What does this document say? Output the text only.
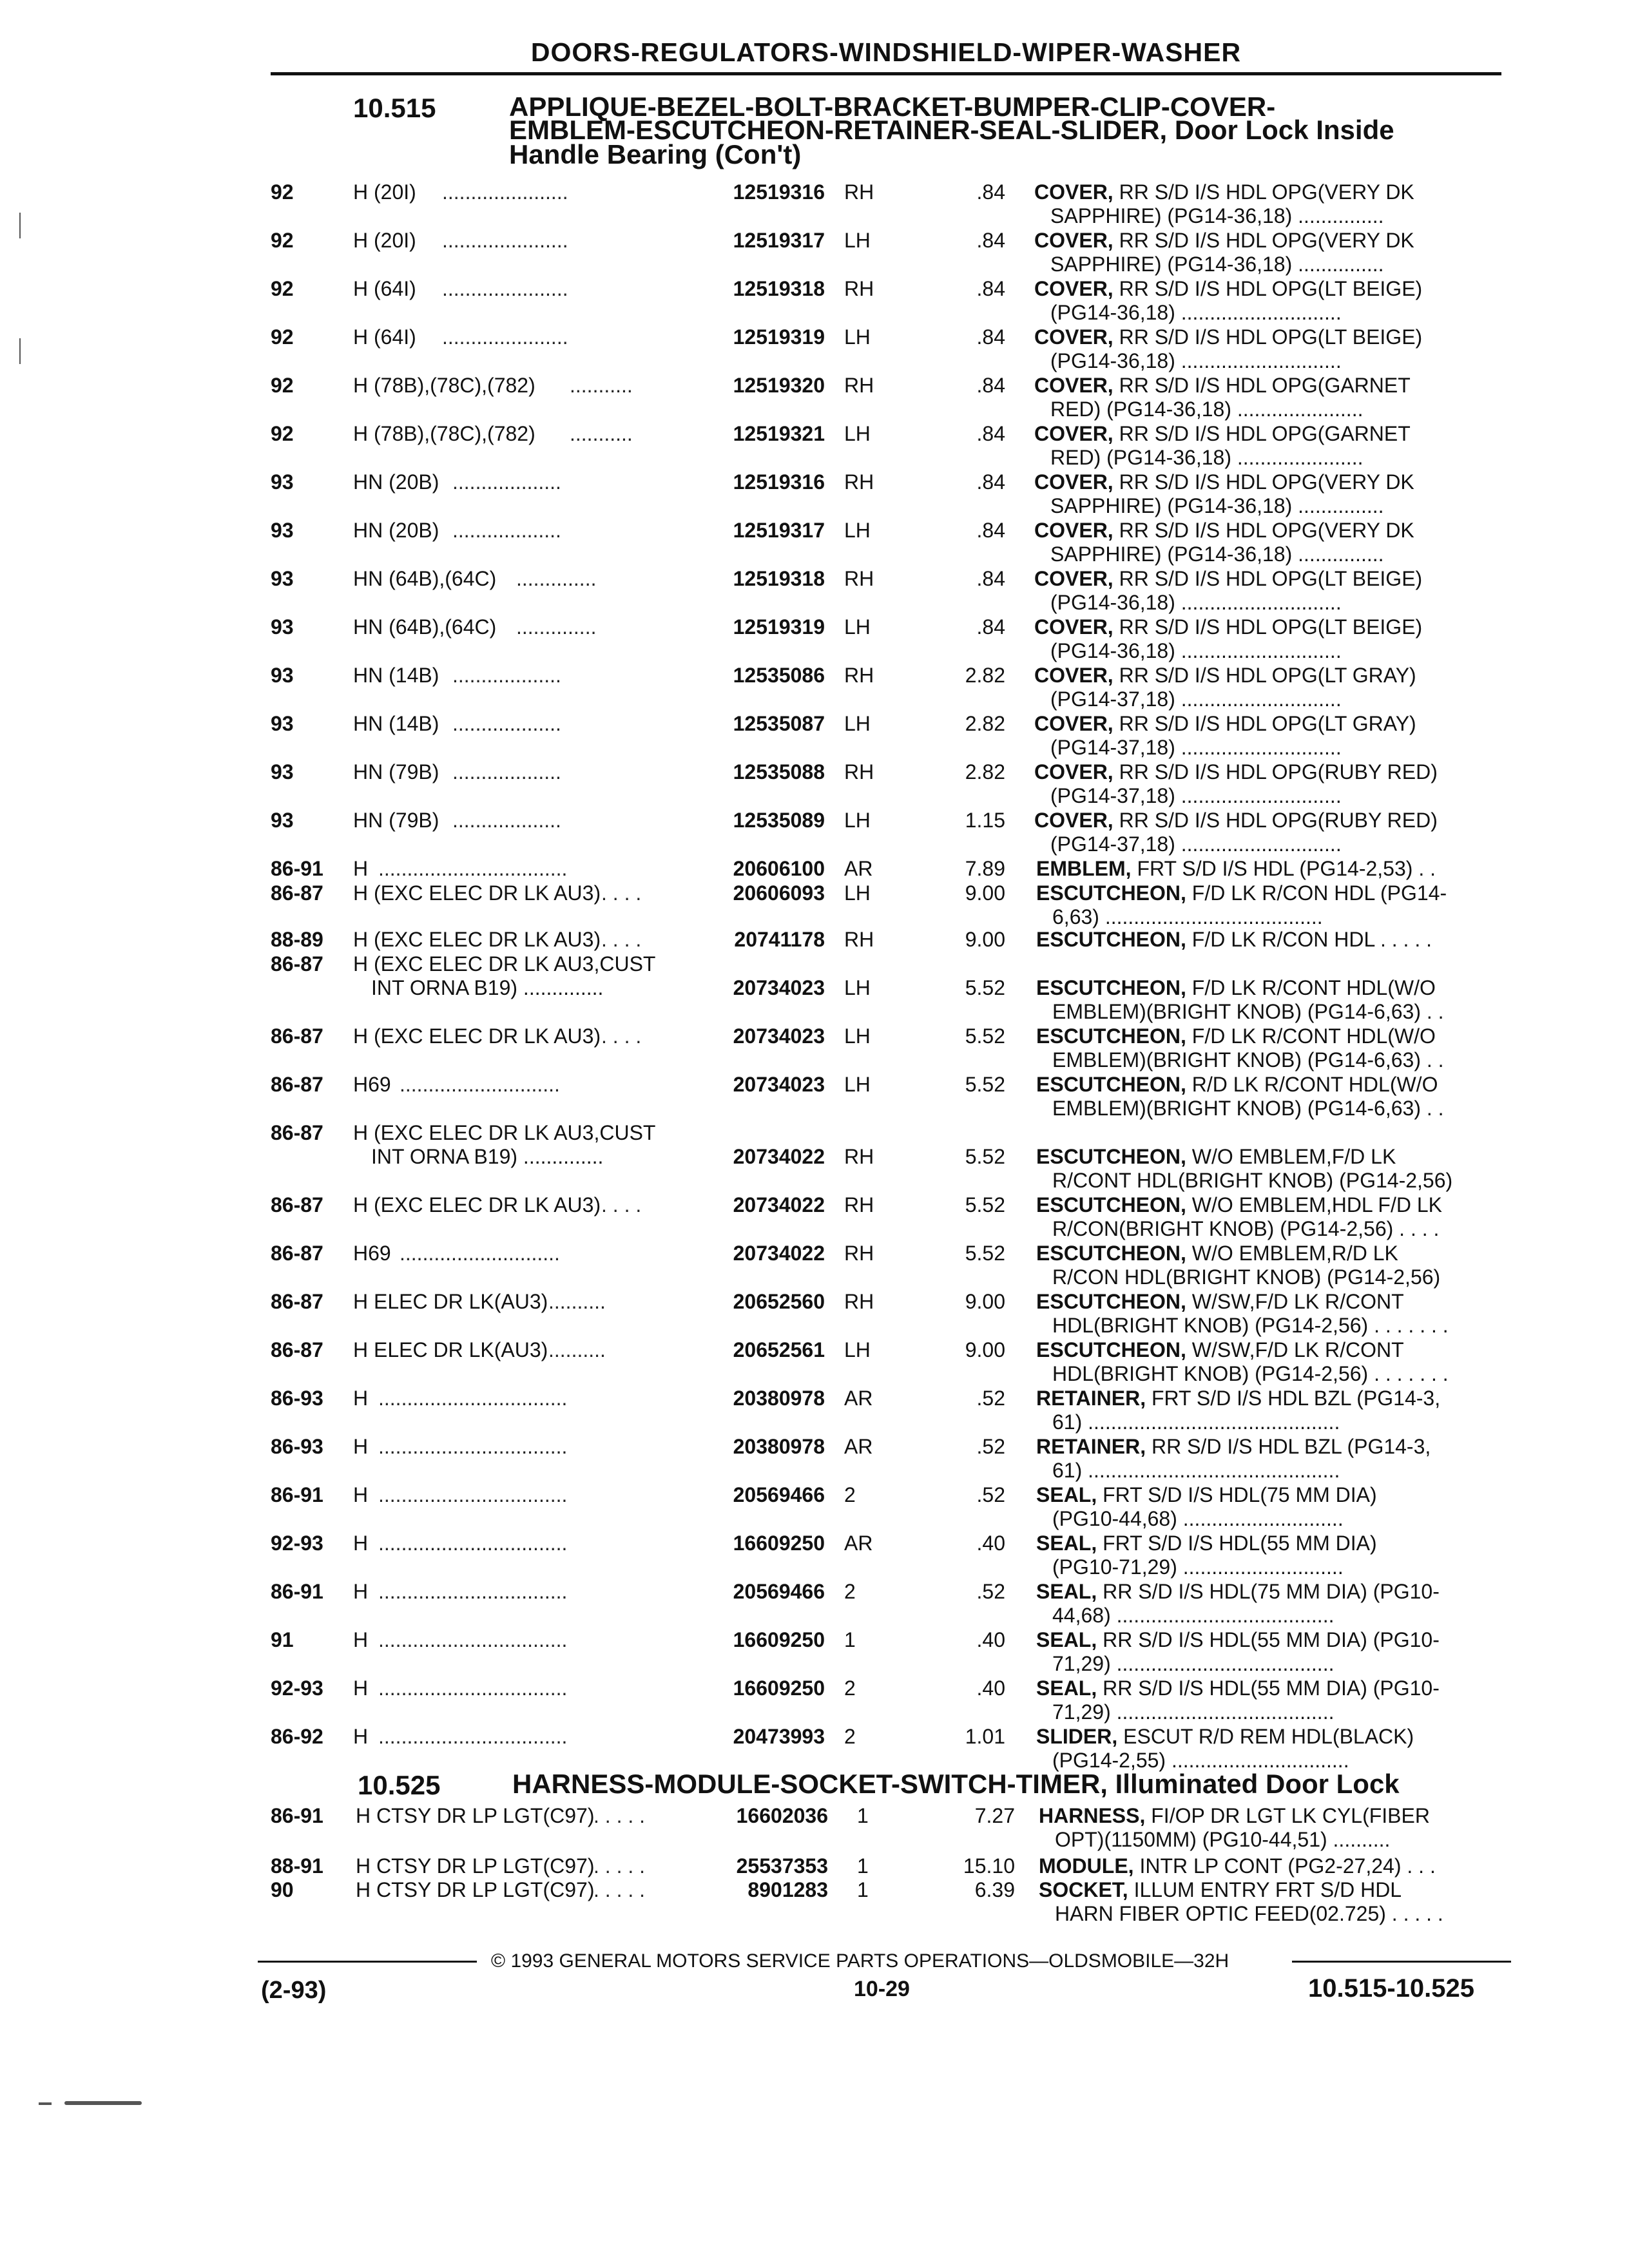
DOORS-REGULATORS-WINDSHIELD-WIPER-WASHER
10.515	APPLIQUE-BEZEL-BOLT-BRACKET-BUMPER-CLIP-COVER-
EMBLEM-ESCUTCHEON-RETAINER-SEAL-SLIDER, Door Lock Inside
Handle Bearing (Con't)
92	H (20I) ......................	12519316 RH	.84 COVER, RR S/D I/S HDL OPG(VERY DK
SAPPHIRE) (PG14-36,18) ...............
92	H (20I) ......................	12519317 LH	.84 COVER, RR S/D I/S HDL OPG(VERY DK
SAPPHIRE) (PG14-36,18) ...............
92	H (64I) ......................	12519318 RH	.84 COVER, RR S/D I/S HDL OPG(LT BEIGE)
(PG14-36,18) ............................
92	H (64I) ......................	12519319 LH	.84 COVER, RR S/D I/S HDL OPG(LT BEIGE)
(PG14-36,18) ............................
92	H (78B),(78C),(782) ...........	12519320 RH	.84 COVER, RR S/D I/S HDL OPG(GARNET
RED) (PG14-36,18) ......................
92	H (78B),(78C),(782) ...........	12519321 LH	.84 COVER, RR S/D I/S HDL OPG(GARNET
RED) (PG14-36,18) ......................
93	HN (20B) ...................	12519316 RH	.84 COVER, RR S/D I/S HDL OPG(VERY DK
SAPPHIRE) (PG14-36,18) ...............
93	HN (20B) ...................	12519317 LH	.84 COVER, RR S/D I/S HDL OPG(VERY DK
SAPPHIRE) (PG14-36,18) ...............
93	HN (64B),(64C) ..............	12519318 RH	.84 COVER, RR S/D I/S HDL OPG(LT BEIGE)
(PG14-36,18) ............................
93	HN (64B),(64C) ..............	12519319 LH	.84 COVER, RR S/D I/S HDL OPG(LT BEIGE)
(PG14-36,18) ............................
93	HN (14B) ...................	12535086 RH	2.82 COVER, RR S/D I/S HDL OPG(LT GRAY)
(PG14-37,18) ............................
93	HN (14B) ...................	12535087 LH	2.82 COVER, RR S/D I/S HDL OPG(LT GRAY)
(PG14-37,18) ............................
93	HN (79B) ...................	12535088 RH	2.82 COVER, RR S/D I/S HDL OPG(RUBY RED)
(PG14-37,18) ............................
93	HN (79B) ...................	12535089 LH	1.15 COVER, RR S/D I/S HDL OPG(RUBY RED)
(PG14-37,18) ............................
86-91 H .................................	20606100 AR	7.89 EMBLEM, FRT S/D I/S HDL (PG14-2,53) . .
86-87 H (EXC ELEC DR LK AU3) . . . .	20606093 LH	9.00 ESCUTCHEON, F/D LK R/CON HDL (PG14-
6,63) ......................................
88-89 H (EXC ELEC DR LK AU3) . . . .	20741178 RH	9.00 ESCUTCHEON, F/D LK R/CON HDL . . . . .
86-87 H (EXC ELEC DR LK AU3,CUST
INT ORNA B19) ..............	20734023 LH	5.52 ESCUTCHEON, F/D LK R/CONT HDL(W/O
EMBLEM)(BRIGHT KNOB) (PG14-6,63) . .
86-87 H (EXC ELEC DR LK AU3) . . . .	20734023 LH	5.52 ESCUTCHEON, F/D LK R/CONT HDL(W/O
EMBLEM)(BRIGHT KNOB) (PG14-6,63) . .
86-87 H69 ............................	20734023 LH	5.52 ESCUTCHEON, R/D LK R/CONT HDL(W/O
EMBLEM)(BRIGHT KNOB) (PG14-6,63) . .
86-87 H (EXC ELEC DR LK AU3,CUST
INT ORNA B19) ..............	20734022 RH	5.52 ESCUTCHEON, W/O EMBLEM,F/D LK
R/CONT HDL(BRIGHT KNOB) (PG14-2,56)
86-87 H (EXC ELEC DR LK AU3) . . . .	20734022 RH	5.52 ESCUTCHEON, W/O EMBLEM,HDL F/D LK
R/CON(BRIGHT KNOB) (PG14-2,56) . . . .
86-87 H69 ............................	20734022 RH	5.52 ESCUTCHEON, W/O EMBLEM,R/D LK
R/CON HDL(BRIGHT KNOB) (PG14-2,56)
86-87 H ELEC DR LK(AU3) ..........	20652560 RH	9.00 ESCUTCHEON, W/SW,F/D LK R/CONT
HDL(BRIGHT KNOB) (PG14-2,56) . . . . . . .
86-87 H ELEC DR LK(AU3) ..........	20652561 LH	9.00 ESCUTCHEON, W/SW,F/D LK R/CONT
HDL(BRIGHT KNOB) (PG14-2,56) . . . . . . .
86-93 H .................................	20380978 AR	.52 RETAINER, FRT S/D I/S HDL BZL (PG14-3,
61) ............................................
86-93 H .................................	20380978 AR	.52 RETAINER, RR S/D I/S HDL BZL (PG14-3,
61) ............................................
86-91 H .................................	20569466 2	.52 SEAL, FRT S/D I/S HDL(75 MM DIA)
(PG10-44,68) ............................
92-93 H .................................	16609250 AR	.40 SEAL, FRT S/D I/S HDL(55 MM DIA)
(PG10-71,29) ............................
86-91 H .................................	20569466 2	.52 SEAL, RR S/D I/S HDL(75 MM DIA) (PG10-
44,68) ......................................
91	H .................................	16609250 1	.40 SEAL, RR S/D I/S HDL(55 MM DIA) (PG10-
71,29) ......................................
92-93 H .................................	16609250 2	.40 SEAL, RR S/D I/S HDL(55 MM DIA) (PG10-
71,29) ......................................
86-92 H .................................	20473993 2	1.01 SLIDER, ESCUT R/D REM HDL(BLACK)
(PG14-2,55) ...............................
86-91 H CTSY DR LP LGT(C97)
. . . . .	16602036 1	7.27 HARNESS, FI/OP DR LGT LK CYL(FIBER
OPT)(1150MM) (PG10-44,51) ..........
88-91 H CTSY DR LP LGT(C97)
. . . . .	25537353 1	15.10 MODULE, INTR LP CONT (PG2-27,24) . . .
90	H CTSY DR LP LGT(C97)
. . . . .	8901283 1	6.39 SOCKET, ILLUM ENTRY FRT S/D HDL
HARN FIBER OPTIC FEED(02.725) . . . . .
10.525	HARNESS-MODULE-SOCKET-SWITCH-TIMER, Illuminated Door Lock
© 1993 GENERAL MOTORS SERVICE PARTS OPERATIONS—OLDSMOBILE—32H
(2-93)	10-29	10.515-10.525
